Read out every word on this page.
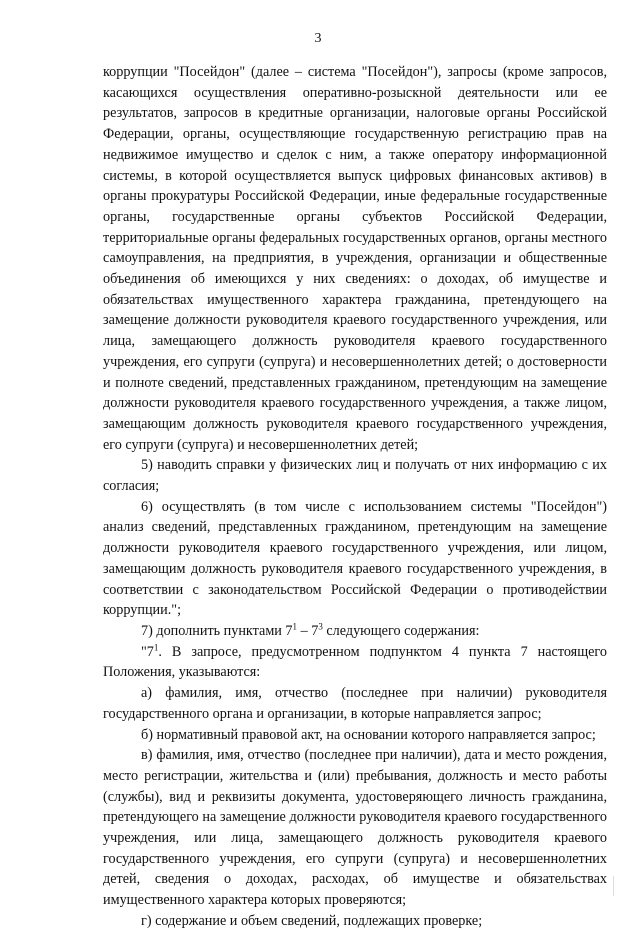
3

коррупции "Посейдон" (далее – система "Посейдон"), запросы (кроме запросов, касающихся осуществления оперативно-розыскной деятельности или ее результатов, запросов в кредитные организации, налоговые органы Российской Федерации, органы, осуществляющие государственную регистрацию прав на недвижимое имущество и сделок с ним, а также оператору информационной системы, в которой осуществляется выпуск цифровых финансовых активов) в органы прокуратуры Российской Федерации, иные федеральные государственные органы, государственные органы субъектов Российской Федерации, территориальные органы федеральных государственных органов, органы местного самоуправления, на предприятия, в учреждения, организации и общественные объединения об имеющихся у них сведениях: о доходах, об имуществе и обязательствах имущественного характера гражданина, претендующего на замещение должности руководителя краевого государственного учреждения, или лица, замещающего должность руководителя краевого государственного учреждения, его супруги (супруга) и несовершеннолетних детей; о достоверности и полноте сведений, представленных гражданином, претендующим на замещение должности руководителя краевого государственного учреждения, а также лицом, замещающим должность руководителя краевого государственного учреждения, его супруги (супруга) и несовершеннолетних детей;

5) наводить справки у физических лиц и получать от них информацию с их согласия;

6) осуществлять (в том числе с использованием системы "Посейдон") анализ сведений, представленных гражданином, претендующим на замещение должности руководителя краевого государственного учреждения, или лицом, замещающим должность руководителя краевого государственного учреждения, в соответствии с законодательством Российской Федерации о противодействии коррупции.";

7) дополнить пунктами $7^1 - 7^3$ следующего содержания:

"$7^1$. В запросе, предусмотренном подпунктом 4 пункта 7 настоящего Положения, указываются:

а) фамилия, имя, отчество (последнее при наличии) руководителя государственного органа и организации, в которые направляется запрос;

б) нормативный правовой акт, на основании которого направляется запрос;

в) фамилия, имя, отчество (последнее при наличии), дата и место рождения, место регистрации, жительства и (или) пребывания, должность и место работы (службы), вид и реквизиты документа, удостоверяющего личность гражданина, претендующего на замещение должности руководителя краевого государственного учреждения, или лица, замещающего должность руководителя краевого государственного учреждения, его супруги (супруга) и несовершеннолетних детей, сведения о доходах, расходах, об имуществе и обязательствах имущественного характера которых проверяются;

г) содержание и объем сведений, подлежащих проверке;
